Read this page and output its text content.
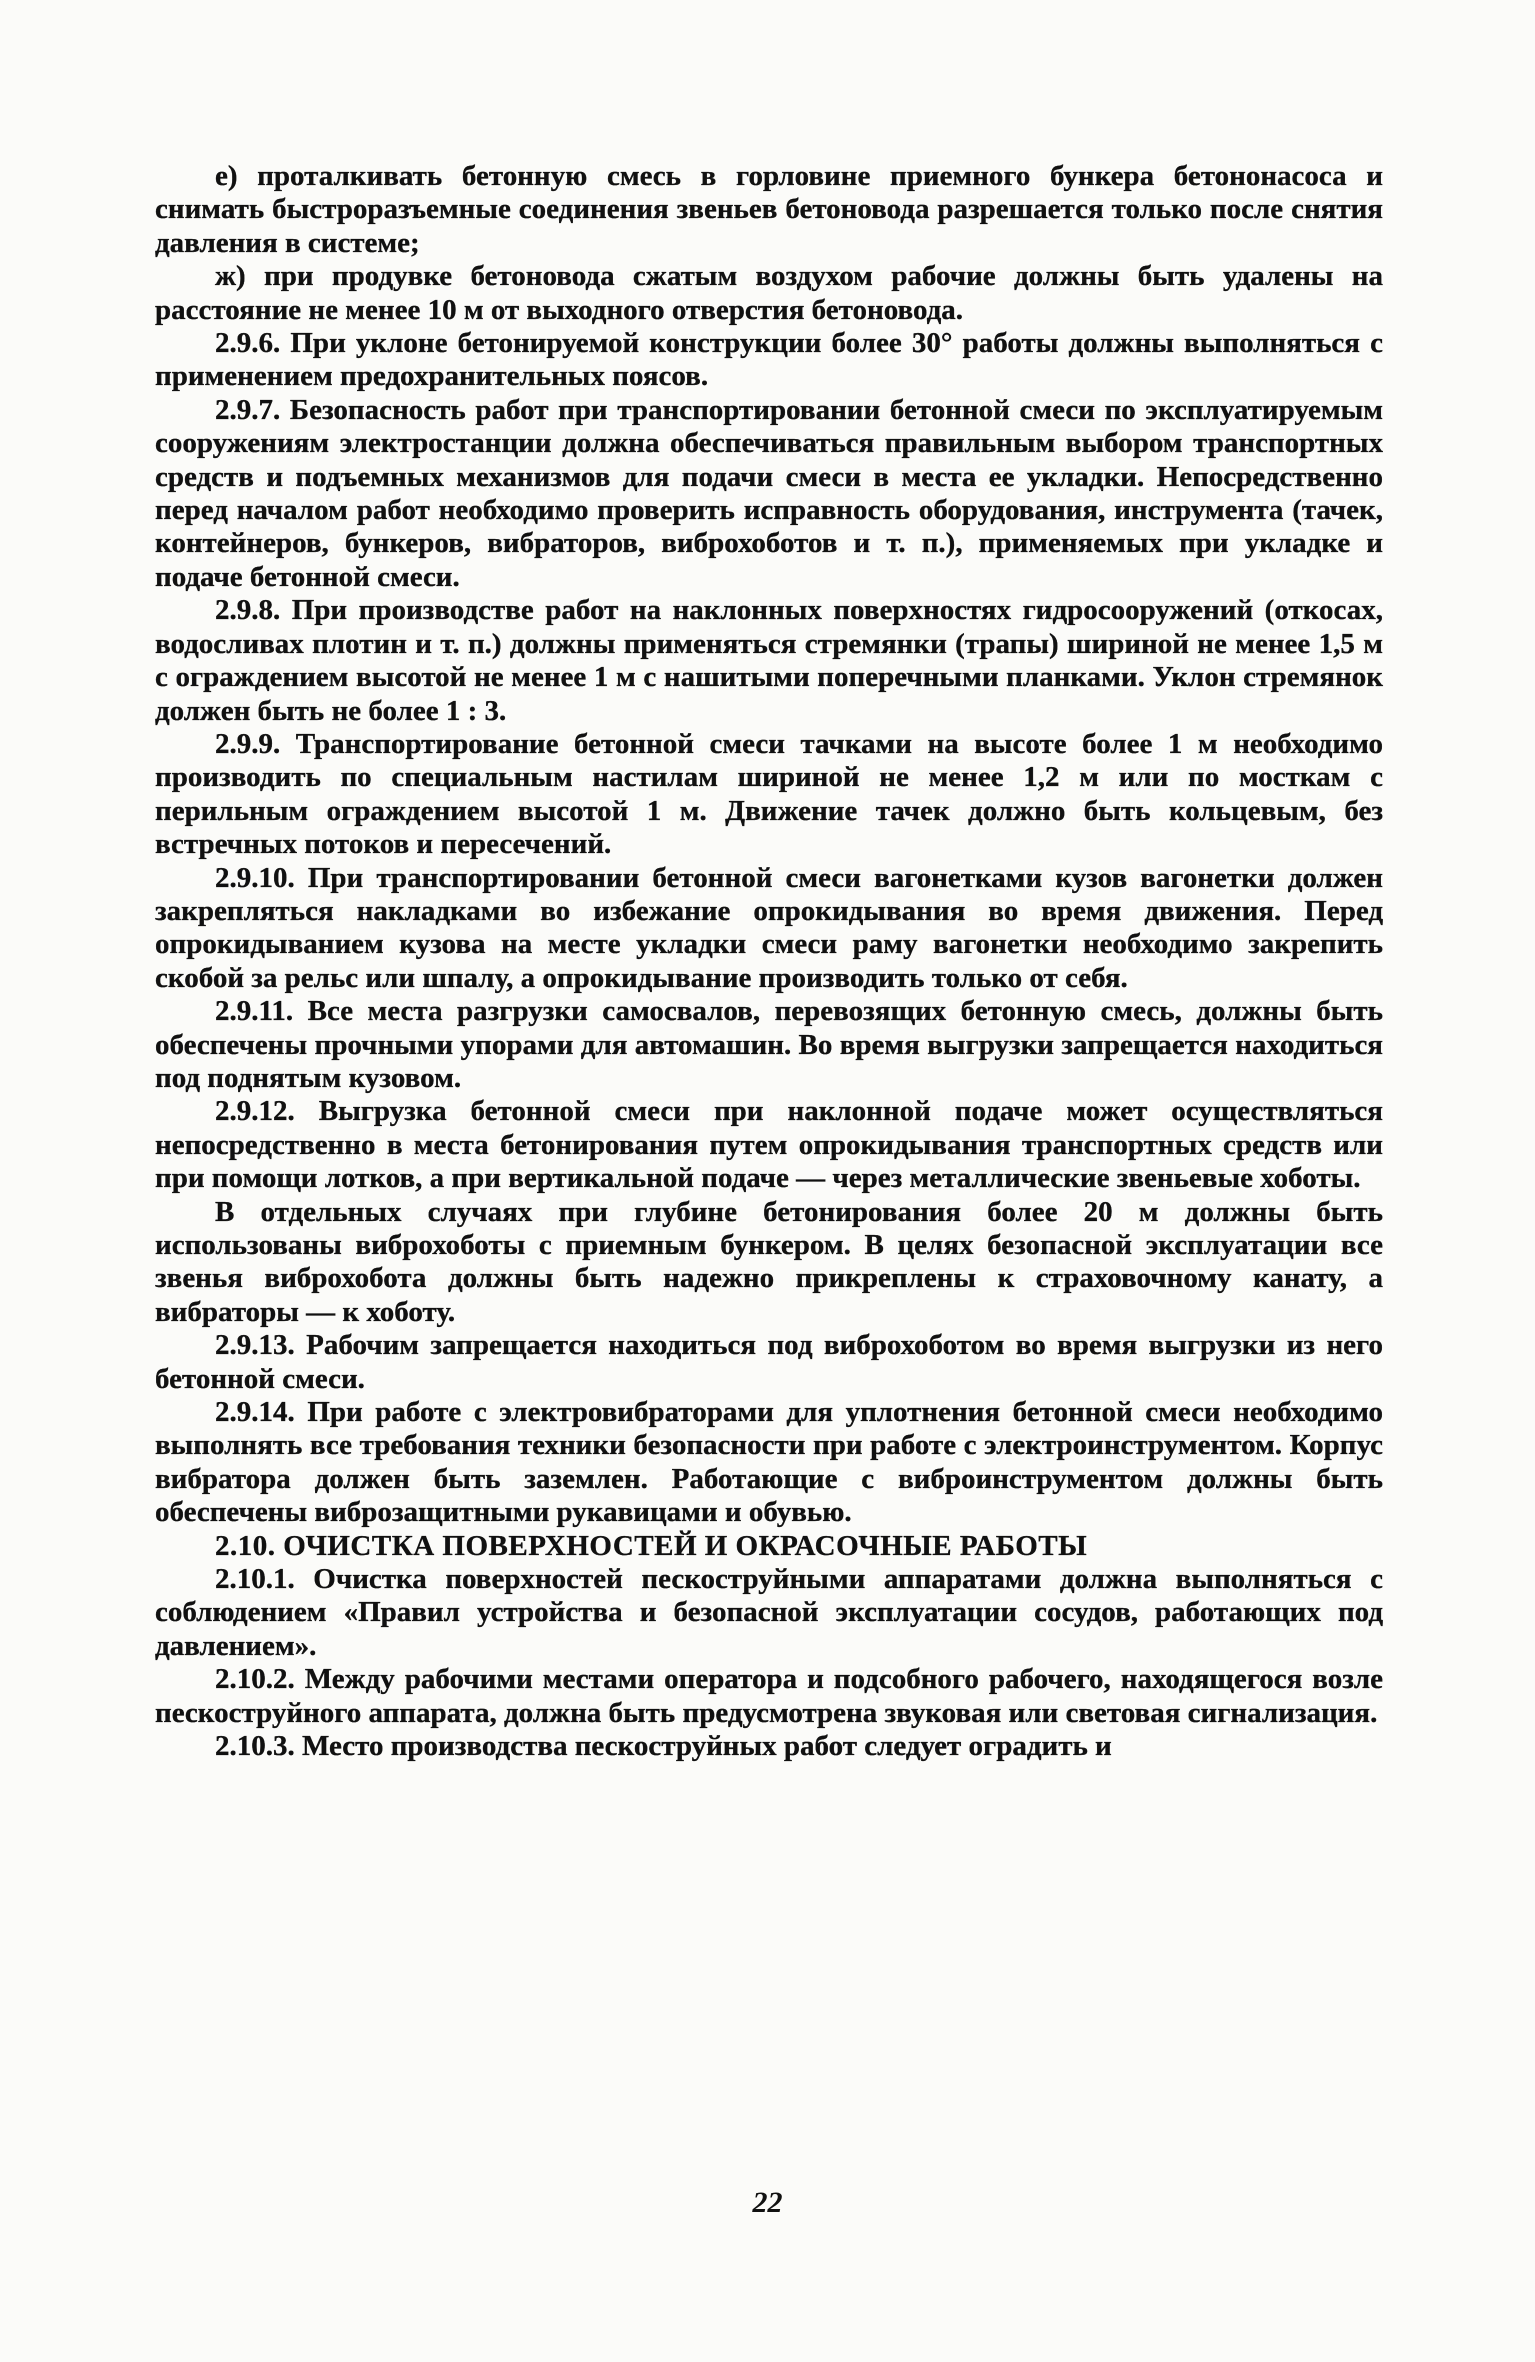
е) проталкивать бетонную смесь в горловине приемного бункера бетононасоса и снимать быстроразъемные соединения звеньев бетоновода разрешается только после снятия давления в системе;

ж) при продувке бетоновода сжатым воздухом рабочие должны быть удалены на расстояние не менее 10 м от выходного отверстия бетоновода.

2.9.6. При уклоне бетонируемой конструкции более 30° работы должны выполняться с применением предохранительных поясов.

2.9.7. Безопасность работ при транспортировании бетонной смеси по эксплуатируемым сооружениям электростанции должна обеспечиваться правильным выбором транспортных средств и подъемных механизмов для подачи смеси в места ее укладки. Непосредственно перед началом работ необходимо проверить исправность оборудования, инструмента (тачек, контейнеров, бункеров, вибраторов, виброхоботов и т. п.), применяемых при укладке и подаче бетонной смеси.

2.9.8. При производстве работ на наклонных поверхностях гидросооружений (откосах, водосливах плотин и т. п.) должны применяться стремянки (трапы) шириной не менее 1,5 м с ограждением высотой не менее 1 м с нашитыми поперечными планками. Уклон стремянок должен быть не более 1 : 3.

2.9.9. Транспортирование бетонной смеси тачками на высоте более 1 м необходимо производить по специальным настилам шириной не менее 1,2 м или по мосткам с перильным ограждением высотой 1 м. Движение тачек должно быть кольцевым, без встречных потоков и пересечений.

2.9.10. При транспортировании бетонной смеси вагонетками кузов вагонетки должен закрепляться накладками во избежание опрокидывания во время движения. Перед опрокидыванием кузова на месте укладки смеси раму вагонетки необходимо закрепить скобой за рельс или шпалу, а опрокидывание производить только от себя.

2.9.11. Все места разгрузки самосвалов, перевозящих бетонную смесь, должны быть обеспечены прочными упорами для автомашин. Во время выгрузки запрещается находиться под поднятым кузовом.

2.9.12. Выгрузка бетонной смеси при наклонной подаче может осуществляться непосредственно в места бетонирования путем опрокидывания транспортных средств или при помощи лотков, а при вертикальной подаче — через металлические звеньевые хоботы.

В отдельных случаях при глубине бетонирования более 20 м должны быть использованы виброхоботы с приемным бункером. В целях безопасной эксплуатации все звенья виброхобота должны быть надежно прикреплены к страховочному канату, а вибраторы — к хоботу.

2.9.13. Рабочим запрещается находиться под виброхоботом во время выгрузки из него бетонной смеси.

2.9.14. При работе с электровибраторами для уплотнения бетонной смеси необходимо выполнять все требования техники безопасности при работе с электроинструментом. Корпус вибратора должен быть заземлен. Работающие с виброинструментом должны быть обеспечены виброзащитными рукавицами и обувью.

2.10. ОЧИСТКА ПОВЕРХНОСТЕЙ И ОКРАСОЧНЫЕ РАБОТЫ

2.10.1. Очистка поверхностей пескоструйными аппаратами должна выполняться с соблюдением «Правил устройства и безопасной эксплуатации сосудов, работающих под давлением».

2.10.2. Между рабочими местами оператора и подсобного рабочего, находящегося возле пескоструйного аппарата, должна быть предусмотрена звуковая или световая сигнализация.

2.10.3. Место производства пескоструйных работ следует оградить и

22
